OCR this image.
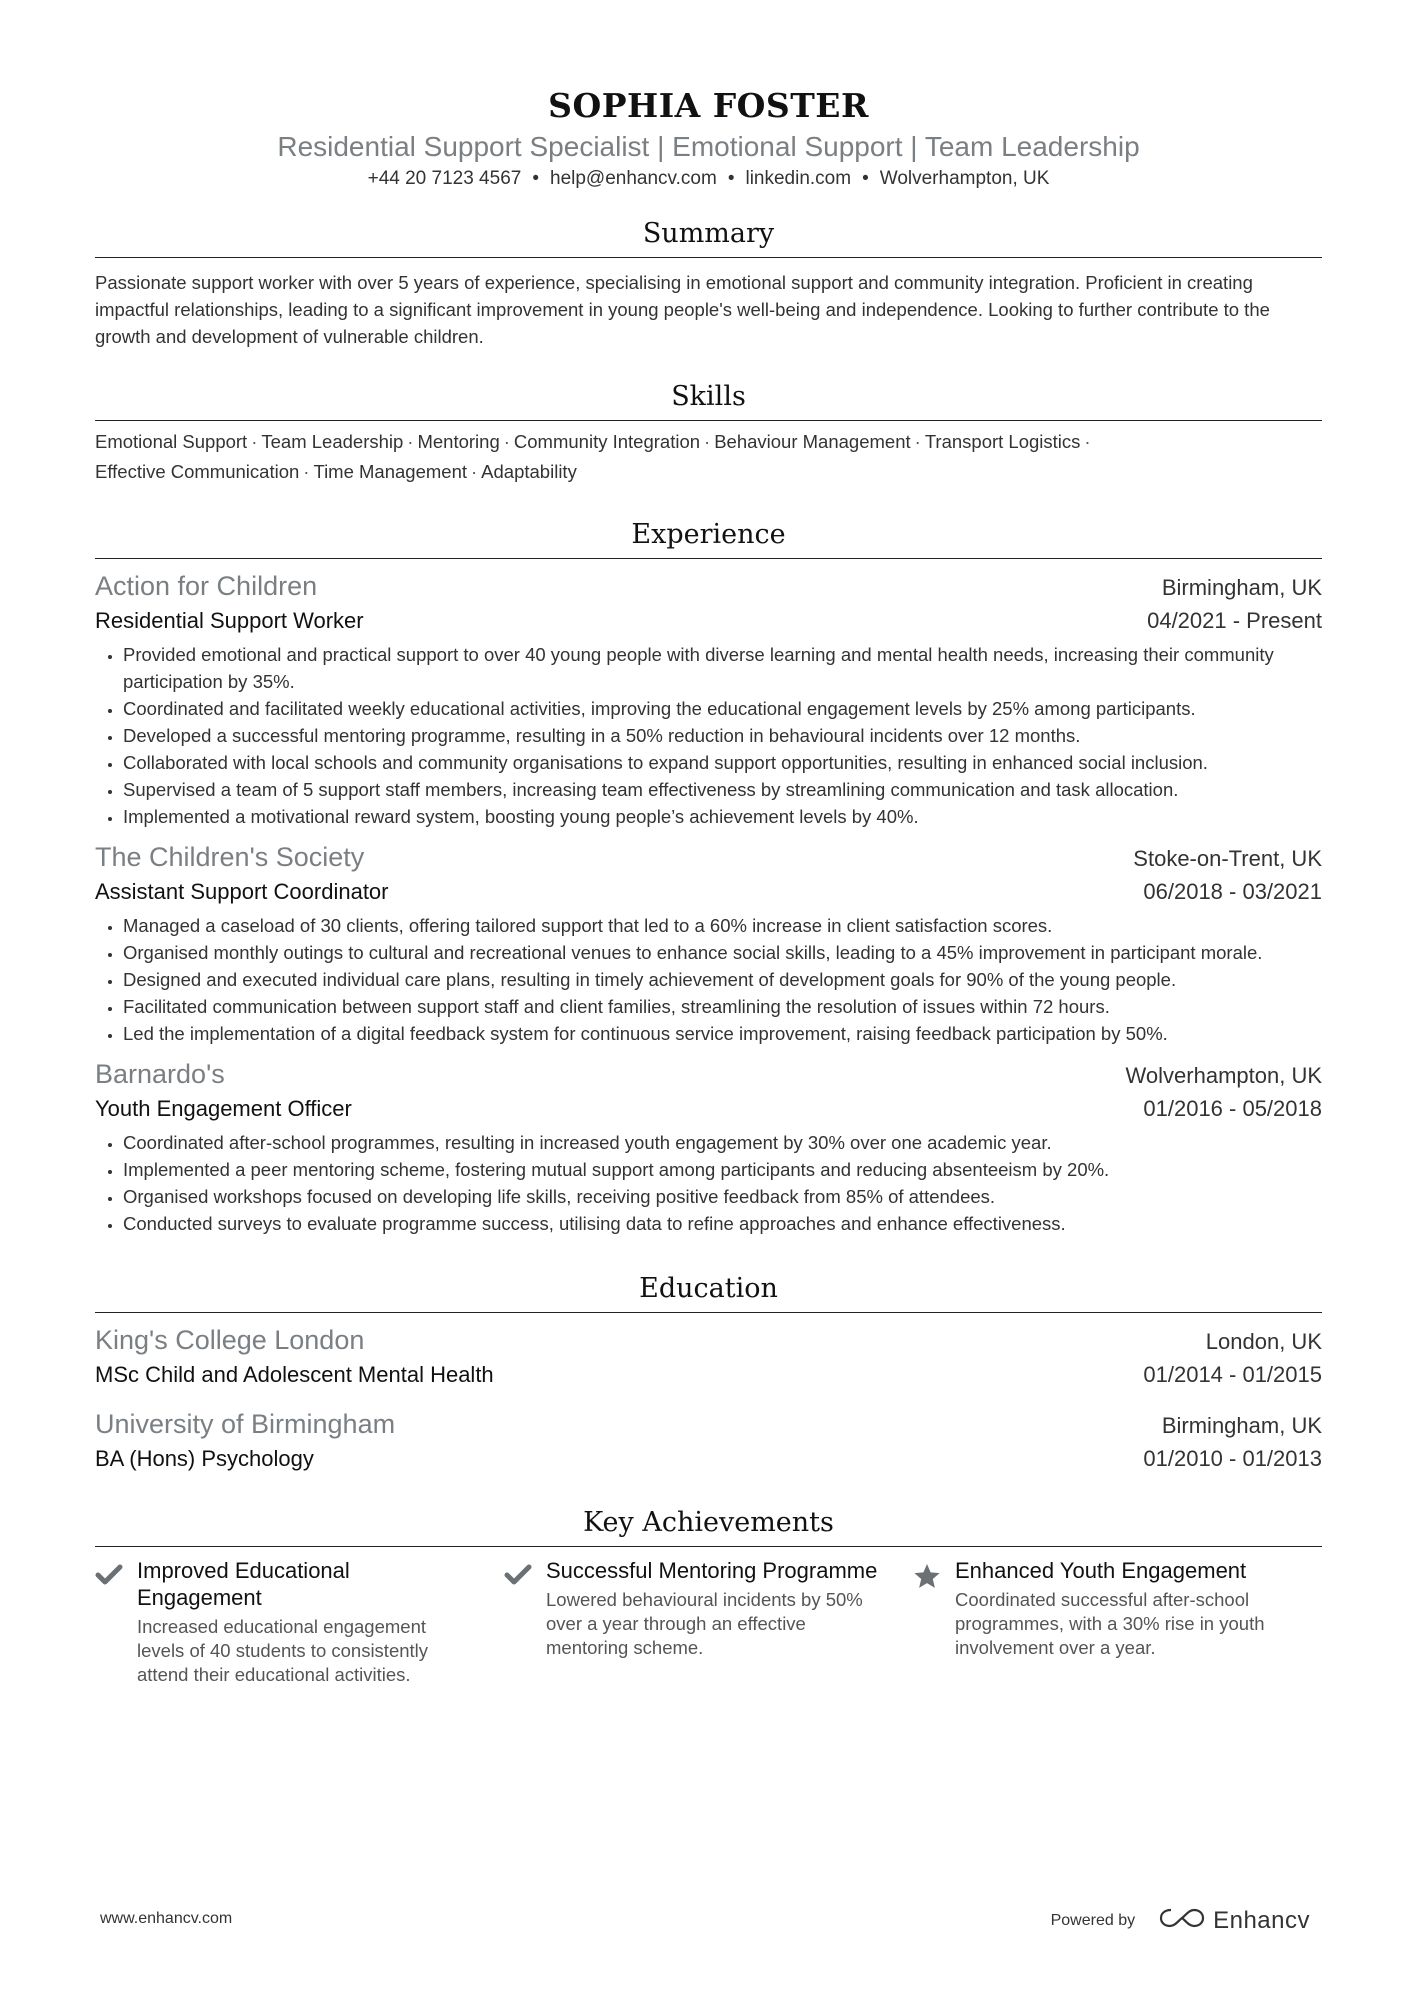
SOPHIA FOSTER
Residential Support Specialist | Emotional Support | Team Leadership
+44 20 7123 4567 • help@enhancv.com • linkedin.com • Wolverhampton, UK
Summary
Passionate support worker with over 5 years of experience, specialising in emotional support and community integration. Proficient in creating impactful relationships, leading to a significant improvement in young people's well-being and independence. Looking to further contribute to the growth and development of vulnerable children.
Skills
Emotional Support · Team Leadership · Mentoring · Community Integration · Behaviour Management · Transport Logistics ·
Effective Communication · Time Management · Adaptability
Experience
Action for Children	Birmingham, UK
Residential Support Worker	04/2021 - Present
• Provided emotional and practical support to over 40 young people with diverse learning and mental health needs, increasing their community participation by 35%.
• Coordinated and facilitated weekly educational activities, improving the educational engagement levels by 25% among participants.
• Developed a successful mentoring programme, resulting in a 50% reduction in behavioural incidents over 12 months.
• Collaborated with local schools and community organisations to expand support opportunities, resulting in enhanced social inclusion.
• Supervised a team of 5 support staff members, increasing team effectiveness by streamlining communication and task allocation.
• Implemented a motivational reward system, boosting young people’s achievement levels by 40%.
The Children's Society	Stoke-on-Trent, UK
Assistant Support Coordinator	06/2018 - 03/2021
• Managed a caseload of 30 clients, offering tailored support that led to a 60% increase in client satisfaction scores.
• Organised monthly outings to cultural and recreational venues to enhance social skills, leading to a 45% improvement in participant morale.
• Designed and executed individual care plans, resulting in timely achievement of development goals for 90% of the young people.
• Facilitated communication between support staff and client families, streamlining the resolution of issues within 72 hours.
• Led the implementation of a digital feedback system for continuous service improvement, raising feedback participation by 50%.
Barnardo's	Wolverhampton, UK
Youth Engagement Officer	01/2016 - 05/2018
• Coordinated after-school programmes, resulting in increased youth engagement by 30% over one academic year.
• Implemented a peer mentoring scheme, fostering mutual support among participants and reducing absenteeism by 20%.
• Organised workshops focused on developing life skills, receiving positive feedback from 85% of attendees.
• Conducted surveys to evaluate programme success, utilising data to refine approaches and enhance effectiveness.
Education
King's College London	London, UK
MSc Child and Adolescent Mental Health	01/2014 - 01/2015
University of Birmingham	Birmingham, UK
BA (Hons) Psychology	01/2010 - 01/2013
Key Achievements
Improved Educational Engagement
Increased educational engagement levels of 40 students to consistently attend their educational activities.
Successful Mentoring Programme
Lowered behavioural incidents by 50% over a year through an effective mentoring scheme.
Enhanced Youth Engagement
Coordinated successful after-school programmes, with a 30% rise in youth involvement over a year.
www.enhancv.com	Powered by	Enhancv
